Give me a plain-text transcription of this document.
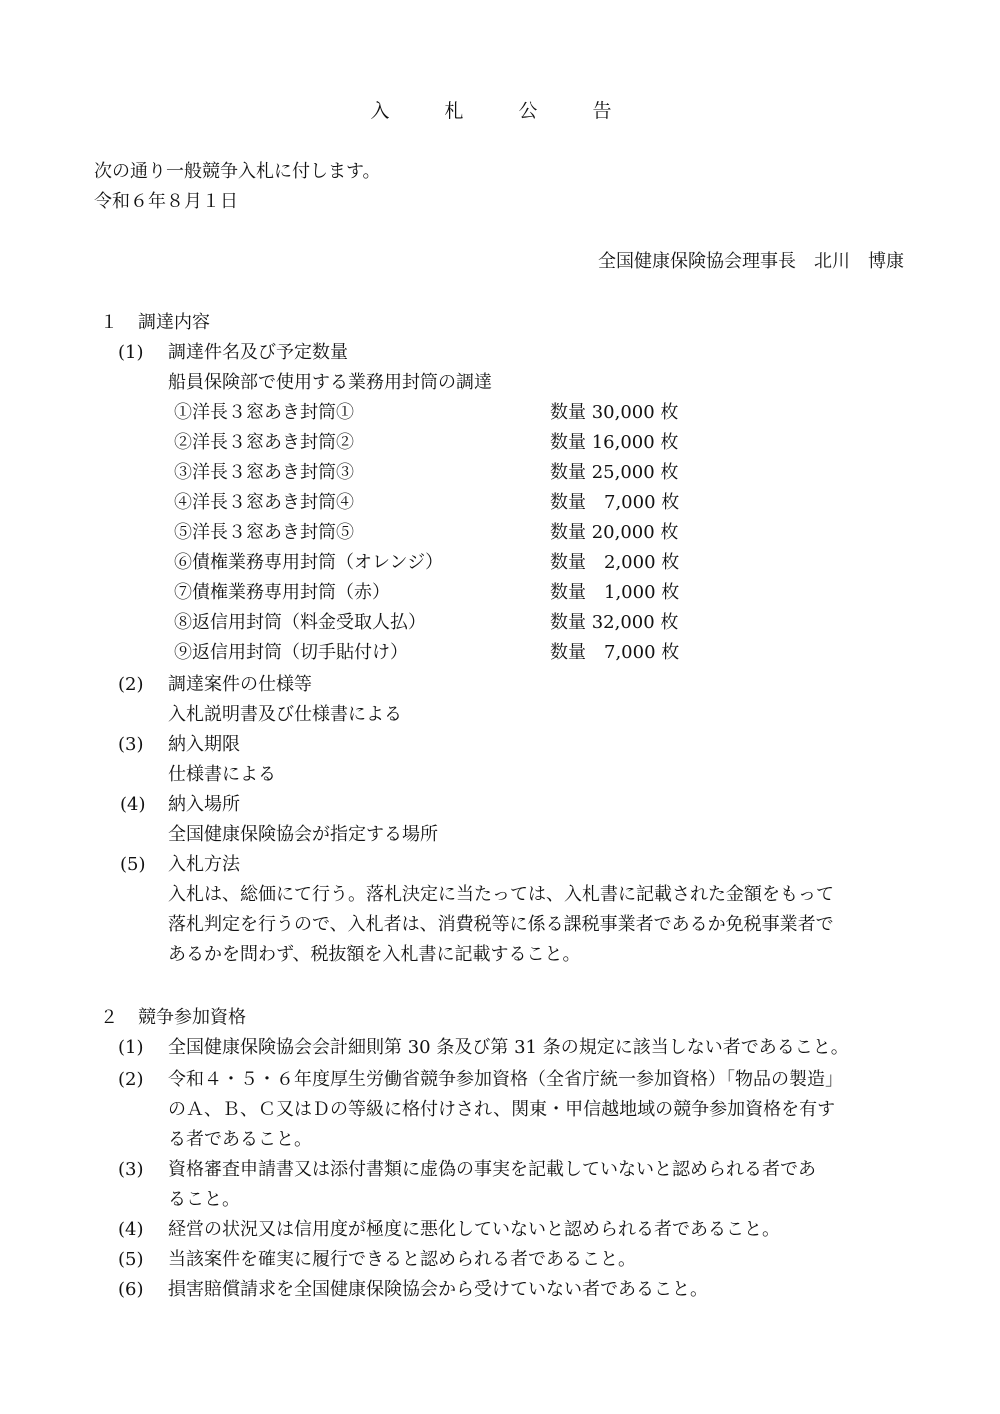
入　札　公　告
次の通り一般競争入札に付します。
令和６年８月１日
全国健康保険協会理事長　北川　博康
１ 調達内容
(1) 調達件名及び予定数量
船員保険部で使用する業務用封筒の調達
①洋長３窓あき封筒①	数量 30,000 枚
②洋長３窓あき封筒②	数量 16,000 枚
③洋長３窓あき封筒③	数量 25,000 枚
④洋長３窓あき封筒④	数量　7,000 枚
⑤洋長３窓あき封筒⑤	数量 20,000 枚
⑥債権業務専用封筒（オレンジ）	数量　2,000 枚
⑦債権業務専用封筒（赤）	数量　1,000 枚
⑧返信用封筒（料金受取人払）	数量 32,000 枚
⑨返信用封筒（切手貼付け）	数量　7,000 枚
(2) 調達案件の仕様等
入札説明書及び仕様書による
(3) 納入期限
仕様書による
(4) 納入場所
全国健康保険協会が指定する場所
(5) 入札方法
入札は、総価にて行う。落札決定に当たっては、入札書に記載された金額をもって
落札判定を行うので、入札者は、消費税等に係る課税事業者であるか免税事業者で
あるかを問わず、税抜額を入札書に記載すること。
２ 競争参加資格
(1) 全国健康保険協会会計細則第 30 条及び第 31 条の規定に該当しない者であること。
(2) 令和４・５・６年度厚生労働省競争参加資格（全省庁統一参加資格）「物品の製造」
のＡ、Ｂ、Ｃ又はＤの等級に格付けされ、関東・甲信越地域の競争参加資格を有す
る者であること。
(3) 資格審査申請書又は添付書類に虚偽の事実を記載していないと認められる者であ
ること。
(4) 経営の状況又は信用度が極度に悪化していないと認められる者であること。
(5) 当該案件を確実に履行できると認められる者であること。
(6) 損害賠償請求を全国健康保険協会から受けていない者であること。
